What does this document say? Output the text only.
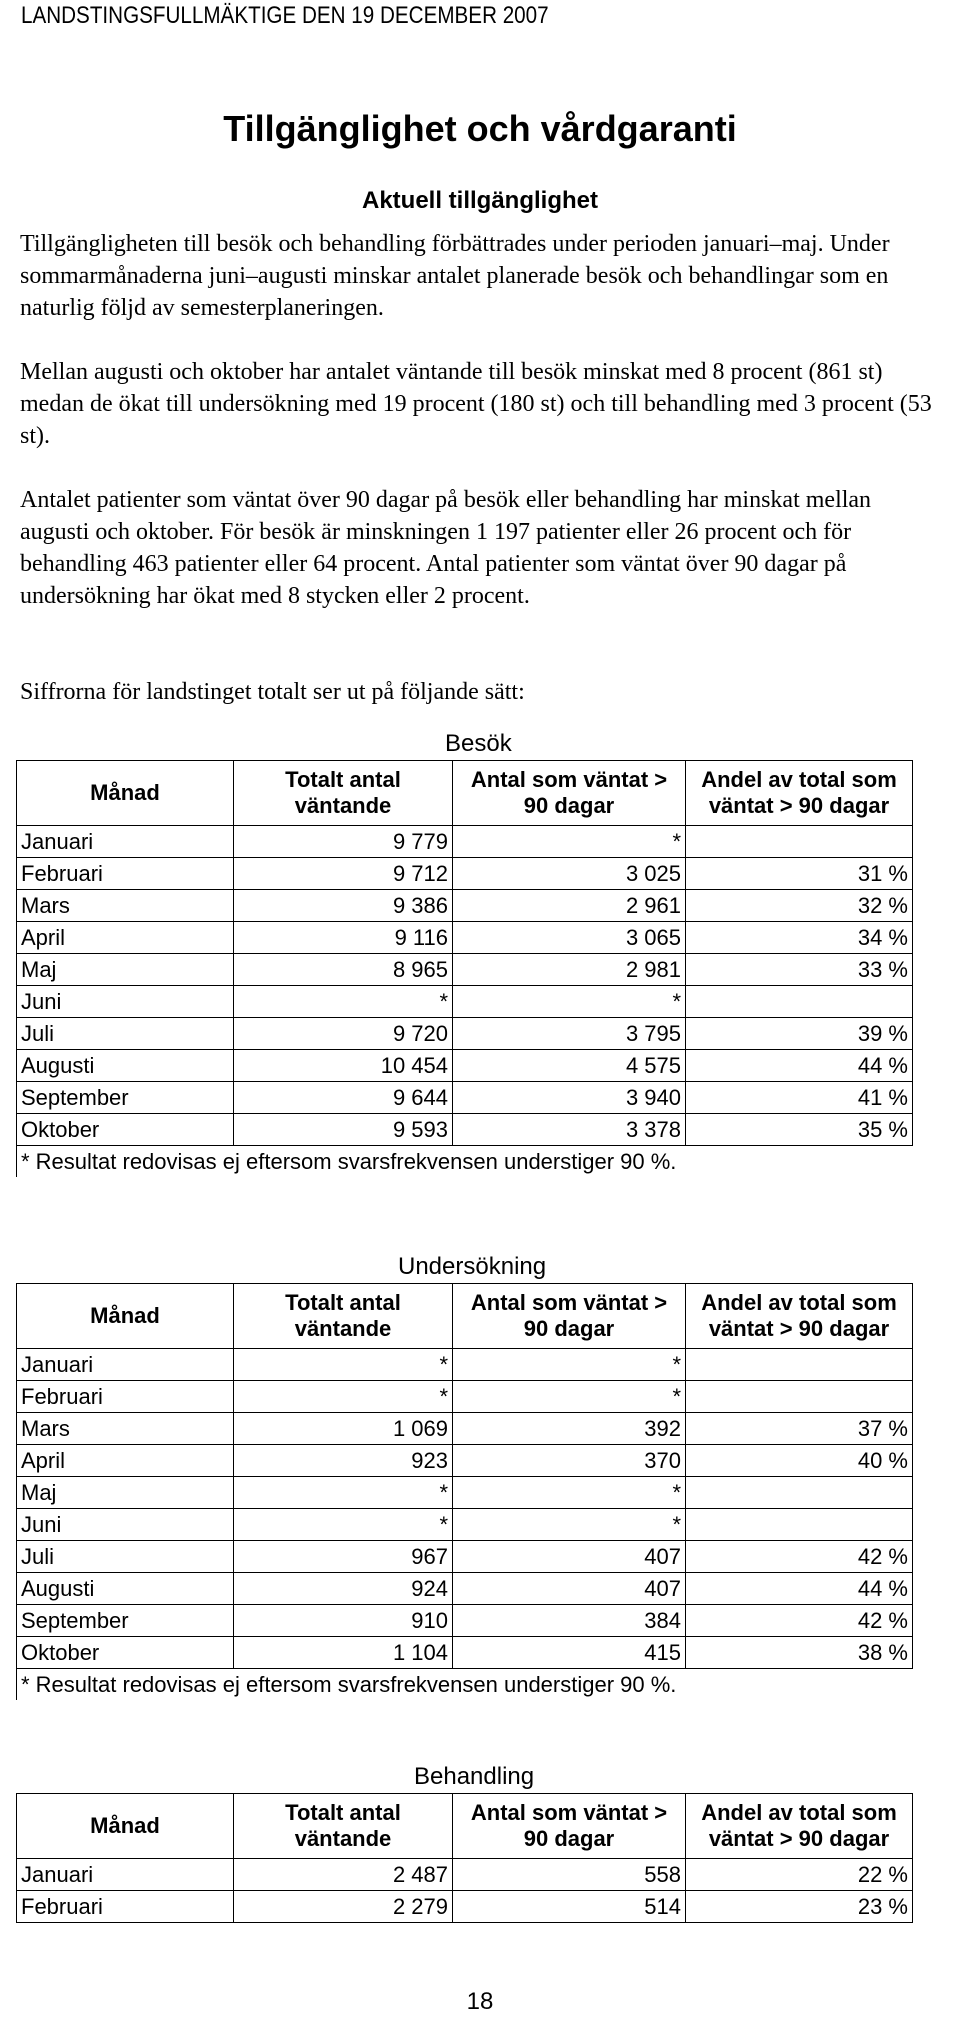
LANDSTINGSFULLMÄKTIGE DEN 19 DECEMBER 2007
Tillgänglighet och vårdgaranti
Aktuell tillgänglighet
Tillgängligheten till besök och behandling förbättrades under perioden januari–maj. Under sommarmånaderna juni–augusti minskar antalet planerade besök och behandlingar som en naturlig följd av semesterplaneringen.
Mellan augusti och oktober har antalet väntande till besök minskat med 8 procent (861 st) medan de ökat till undersökning med 19 procent (180 st) och till behandling med 3 procent (53 st).
Antalet patienter som väntat över 90 dagar på besök eller behandling har minskat mellan augusti och oktober. För besök är minskningen 1 197 patienter eller 26 procent och för behandling 463 patienter eller 64 procent. Antal patienter som väntat över 90 dagar på undersökning har ökat med 8 stycken eller 2 procent.
Siffrorna för landstinget totalt ser ut på följande sätt:
Besök
Månad	Totalt antal väntande	Antal som väntat > 90 dagar	Andel av total som väntat > 90 dagar
Januari	9 779	*	
Februari	9 712	3 025	31 %
Mars	9 386	2 961	32 %
April	9 116	3 065	34 %
Maj	8 965	2 981	33 %
Juni	*	*	
Juli	9 720	3 795	39 %
Augusti	10 454	4 575	44 %
September	9 644	3 940	41 %
Oktober	9 593	3 378	35 %
* Resultat redovisas ej eftersom svarsfrekvensen understiger 90 %.			
Undersökning
Månad	Totalt antal väntande	Antal som väntat > 90 dagar	Andel av total som väntat > 90 dagar
Januari	*	*	
Februari	*	*	
Mars	1 069	392	37 %
April	923	370	40 %
Maj	*	*	
Juni	*	*	
Juli	967	407	42 %
Augusti	924	407	44 %
September	910	384	42 %
Oktober	1 104	415	38 %
* Resultat redovisas ej eftersom svarsfrekvensen understiger 90 %.			
Behandling
Månad	Totalt antal väntande	Antal som väntat > 90 dagar	Andel av total som väntat > 90 dagar
Januari	2 487	558	22 %
Februari	2 279	514	23 %
18
